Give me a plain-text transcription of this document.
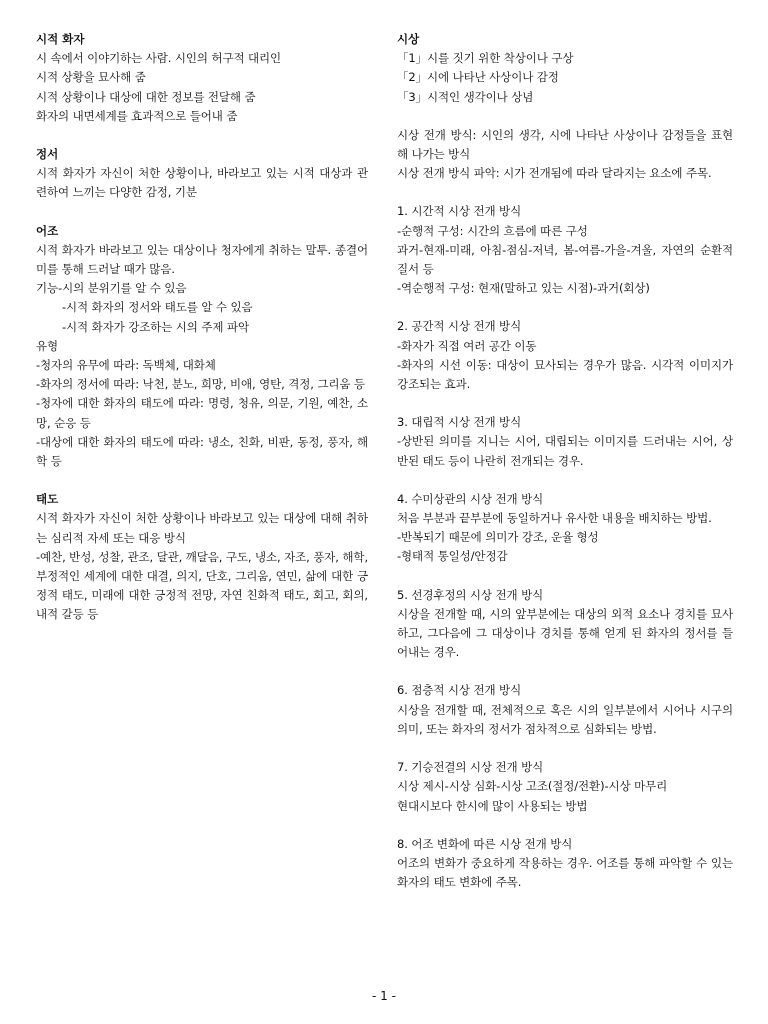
시적 화자
시 속에서 이야기하는 사람. 시인의 허구적 대리인
시적 상황을 묘사해 줌
시적 상황이나 대상에 대한 정보를 전달해 줌
화자의 내면세계를 효과적으로 들어내 줌
정서
시적 화자가 자신이 처한 상황이나, 바라보고 있는 시적 대상과 관련하여 느끼는 다양한 감정, 기분
어조
시적 화자가 바라보고 있는 대상이나 청자에게 취하는 말투. 종결어미를 통해 드러날 때가 많음.
기능-시의 분위기를 알 수 있음
-시적 화자의 정서와 태도를 알 수 있음
-시적 화자가 강조하는 시의 주제 파악
유형
-청자의 유무에 따라: 독백체, 대화체
-화자의 정서에 따라: 낙천, 분노, 희망, 비애, 영탄, 격정, 그리움 등
-청자에 대한 화자의 태도에 따라: 명령, 청유, 의문, 기원, 예찬, 소망, 순응 등
-대상에 대한 화자의 태도에 따라: 냉소, 친화, 비판, 동정, 풍자, 해학 등
태도
시적 화자가 자신이 처한 상황이나 바라보고 있는 대상에 대해 취하는 심리적 자세 또는 대응 방식
-예찬, 반성, 성찰, 관조, 달관, 깨달음, 구도, 냉소, 자조, 풍자, 해학, 부정적인 세계에 대한 대결, 의지, 단호, 그리움, 연민, 삶에 대한 긍정적 태도, 미래에 대한 긍정적 전망, 자연 친화적 태도, 회고, 회의, 내적 갈등 등
시상
「1」시를 짓기 위한 착상이나 구상
「2」시에 나타난 사상이나 감정
「3」시적인 생각이나 상념
시상 전개 방식: 시인의 생각, 시에 나타난 사상이나 감정들을 표현해 나가는 방식
시상 전개 방식 파악: 시가 전개됨에 따라 달라지는 요소에 주목.
1. 시간적 시상 전개 방식
-순행적 구성: 시간의 흐름에 따른 구성
과거-현재-미래, 아침-점심-저녁, 봄-여름-가을-겨울, 자연의 순환적 질서 등
-역순행적 구성: 현재(말하고 있는 시점)-과거(회상)
2. 공간적 시상 전개 방식
-화자가 직접 여러 공간 이동
-화자의 시선 이동: 대상이 묘사되는 경우가 많음. 시각적 이미지가 강조되는 효과.
3. 대립적 시상 전개 방식
-상반된 의미를 지니는 시어, 대립되는 이미지를 드러내는 시어, 상반된 태도 등이 나란히 전개되는 경우.
4. 수미상관의 시상 전개 방식
처음 부분과 끝부분에 동일하거나 유사한 내용을 배치하는 방법.
-반복되기 때문에 의미가 강조, 운율 형성
-형태적 통일성/안정감
5. 선경후정의 시상 전개 방식
시상을 전개할 때, 시의 앞부분에는 대상의 외적 요소나 경치를 묘사하고, 그다음에 그 대상이나 경치를 통해 얻게 된 화자의 정서를 들어내는 경우.
6. 점층적 시상 전개 방식
시상을 전개할 때, 전체적으로 혹은 시의 일부분에서 시어나 시구의 의미, 또는 화자의 정서가 점차적으로 심화되는 방법.
7. 기승전결의 시상 전개 방식
시상 제시-시상 심화-시상 고조(절정/전환)-시상 마무리
현대시보다 한시에 많이 사용되는 방법
8. 어조 변화에 따른 시상 전개 방식
어조의 변화가 중요하게 작용하는 경우. 어조를 통해 파악할 수 있는 화자의 태도 변화에 주목.
- 1 -
